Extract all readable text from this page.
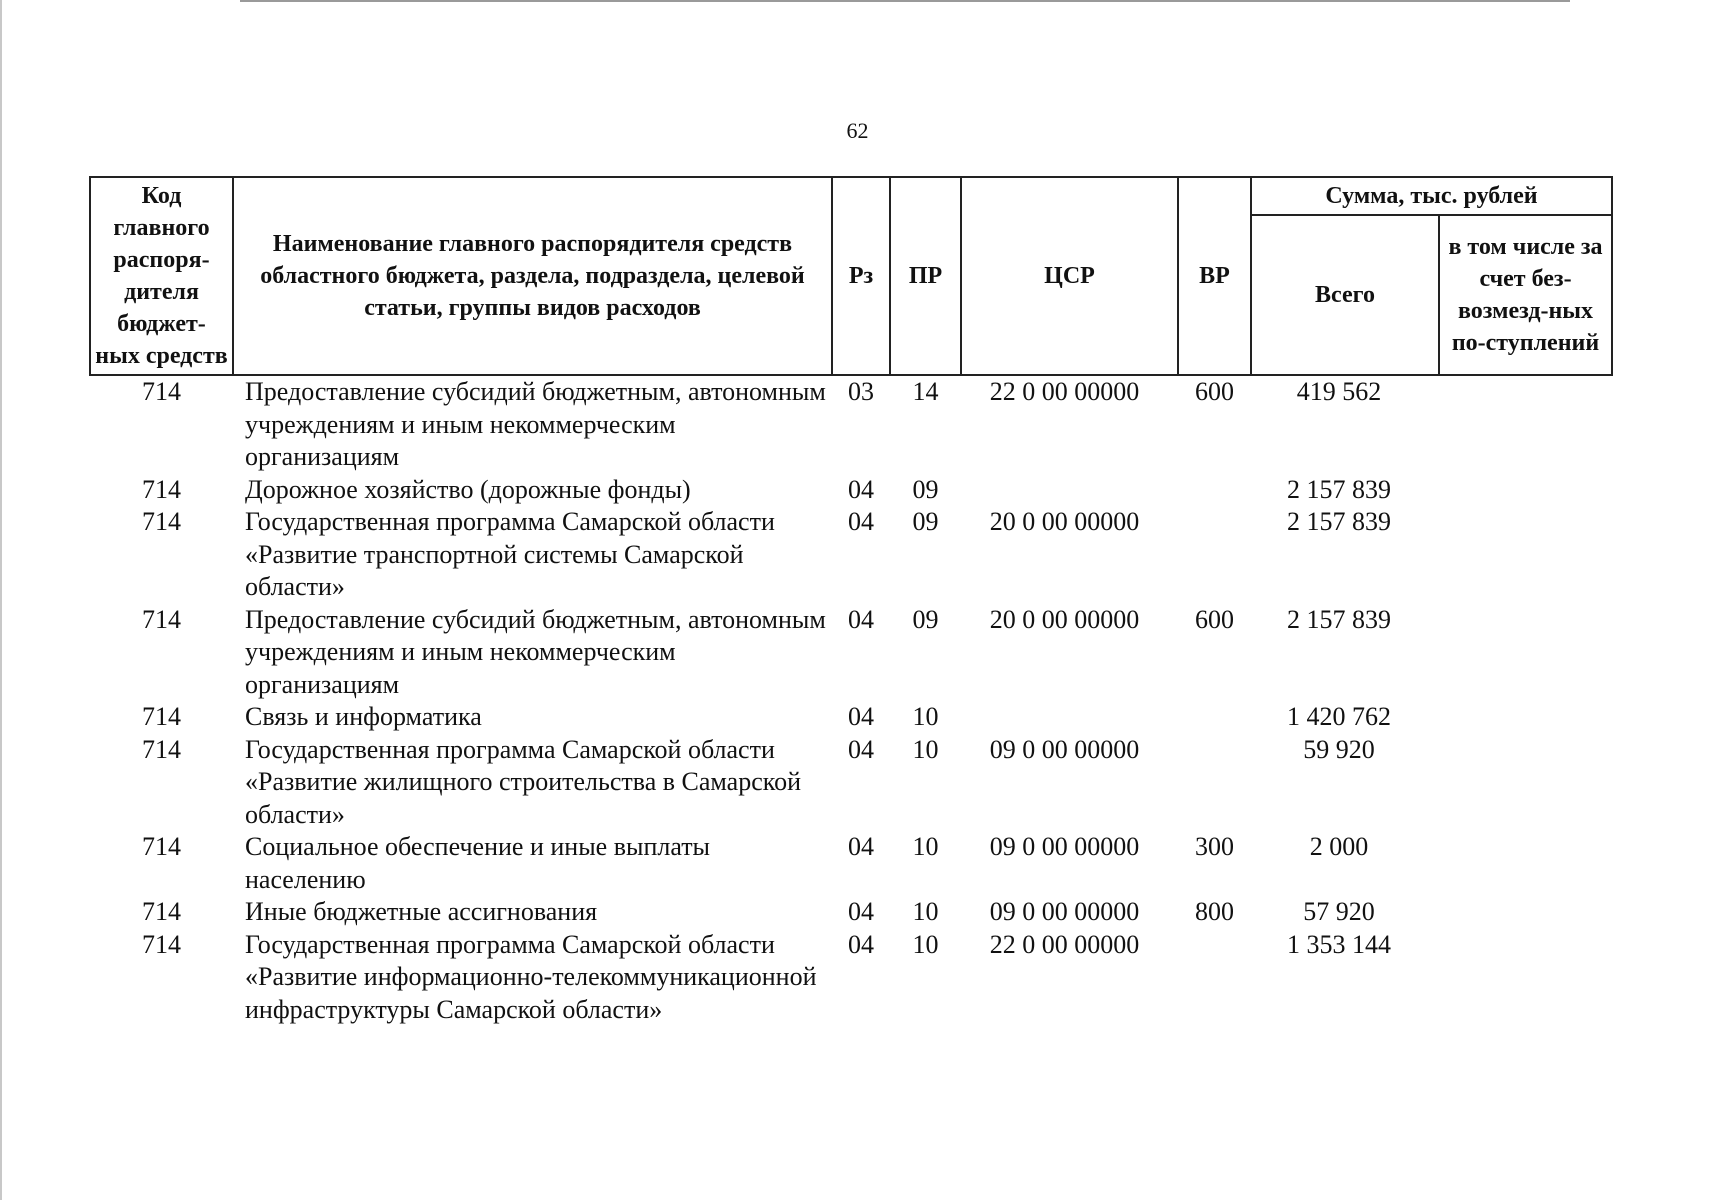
62
Код главного распоря-дителя бюджет-ных средств	Наименование главного распорядителя средств областного бюджета, раздела, подраздела, целевой статьи, группы видов расходов	Рз	ПР	ЦСР	ВР	Сумма, тыс. рублей	
						Всего	в том числе за счет без-возмезд-ных по-ступлений
714	Предоставление субсидий бюджетным, автономным учреждениям и иным некоммерческим организациям	03	14	22 0 00 00000	600	419 562	
714	Дорожное хозяйство (дорожные фонды)	04	09			2 157 839	
714	Государственная программа Самарской области «Развитие транспортной системы Самарской области»	04	09	20 0 00 00000		2 157 839	
714	Предоставление субсидий бюджетным, автономным учреждениям и иным некоммерческим организациям	04	09	20 0 00 00000	600	2 157 839	
714	Связь и информатика	04	10			1 420 762	
714	Государственная программа Самарской области «Развитие жилищного строительства в Самарской области»	04	10	09 0 00 00000		59 920	
714	Социальное обеспечение и иные выплаты населению	04	10	09 0 00 00000	300	2 000	
714	Иные бюджетные ассигнования	04	10	09 0 00 00000	800	57 920	
714	Государственная программа Самарской области «Развитие информационно-телекоммуникационной инфраструктуры Самарской области»	04	10	22 0 00 00000		1 353 144	
